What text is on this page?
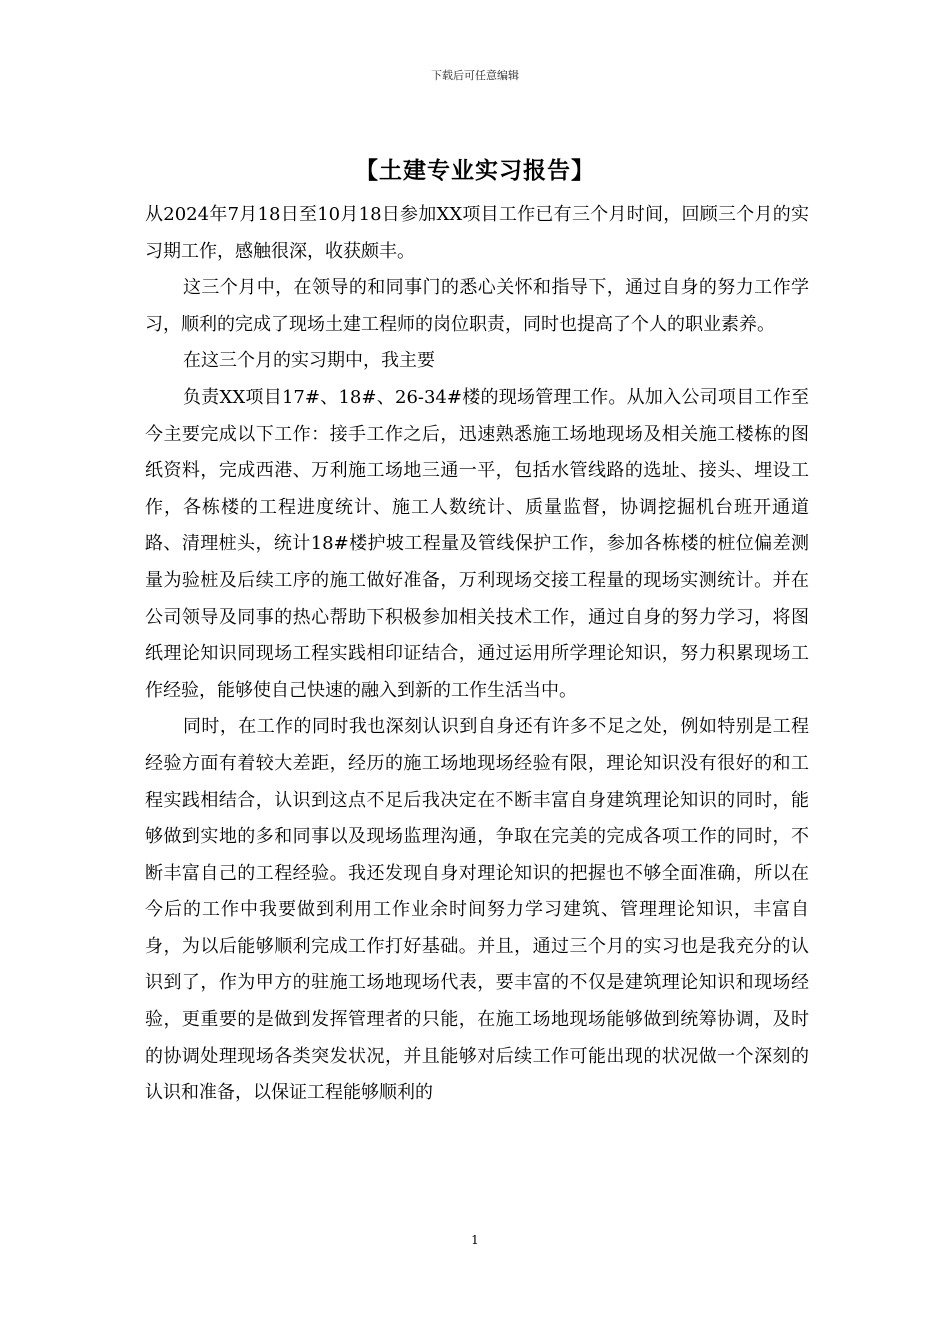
下载后可任意编辑
【土建专业实习报告】

从2024年7月18日至10月18日参加XX项目工作已有三个月时间，回顾三个月的实习期工作，感触很深，收获颇丰。

这三个月中，在领导的和同事门的悉心关怀和指导下，通过自身的努力工作学习，顺利的完成了现场土建工程师的岗位职责，同时也提高了个人的职业素养。

在这三个月的实习期中，我主要

负责XX项目17#、18#、26-34#楼的现场管理工作。从加入公司项目工作至今主要完成以下工作：接手工作之后，迅速熟悉施工场地现场及相关施工楼栋的图纸资料，完成西港、万利施工场地三通一平，包括水管线路的选址、接头、埋设工作，各栋楼的工程进度统计、施工人数统计、质量监督，协调挖掘机台班开通道路、清理桩头，统计18#楼护坡工程量及管线保护工作，参加各栋楼的桩位偏差测量为验桩及后续工序的施工做好准备，万利现场交接工程量的现场实测统计。并在公司领导及同事的热心帮助下积极参加相关技术工作，通过自身的努力学习，将图纸理论知识同现场工程实践相印证结合，通过运用所学理论知识，努力积累现场工作经验，能够使自己快速的融入到新的工作生活当中。

同时，在工作的同时我也深刻认识到自身还有许多不足之处，例如特别是工程经验方面有着较大差距，经历的施工场地现场经验有限，理论知识没有很好的和工程实践相结合，认识到这点不足后我决定在不断丰富自身建筑理论知识的同时，能够做到实地的多和同事以及现场监理沟通，争取在完美的完成各项工作的同时，不断丰富自己的工程经验。我还发现自身对理论知识的把握也不够全面准确，所以在今后的工作中我要做到利用工作业余时间努力学习建筑、管理理论知识，丰富自身，为以后能够顺利完成工作打好基础。并且，通过三个月的实习也是我充分的认识到了，作为甲方的驻施工场地现场代表，要丰富的不仅是建筑理论知识和现场经验，更重要的是做到发挥管理者的只能，在施工场地现场能够做到统筹协调，及时的协调处理现场各类突发状况，并且能够对后续工作可能出现的状况做一个深刻的认识和准备，以保证工程能够顺利的

1
